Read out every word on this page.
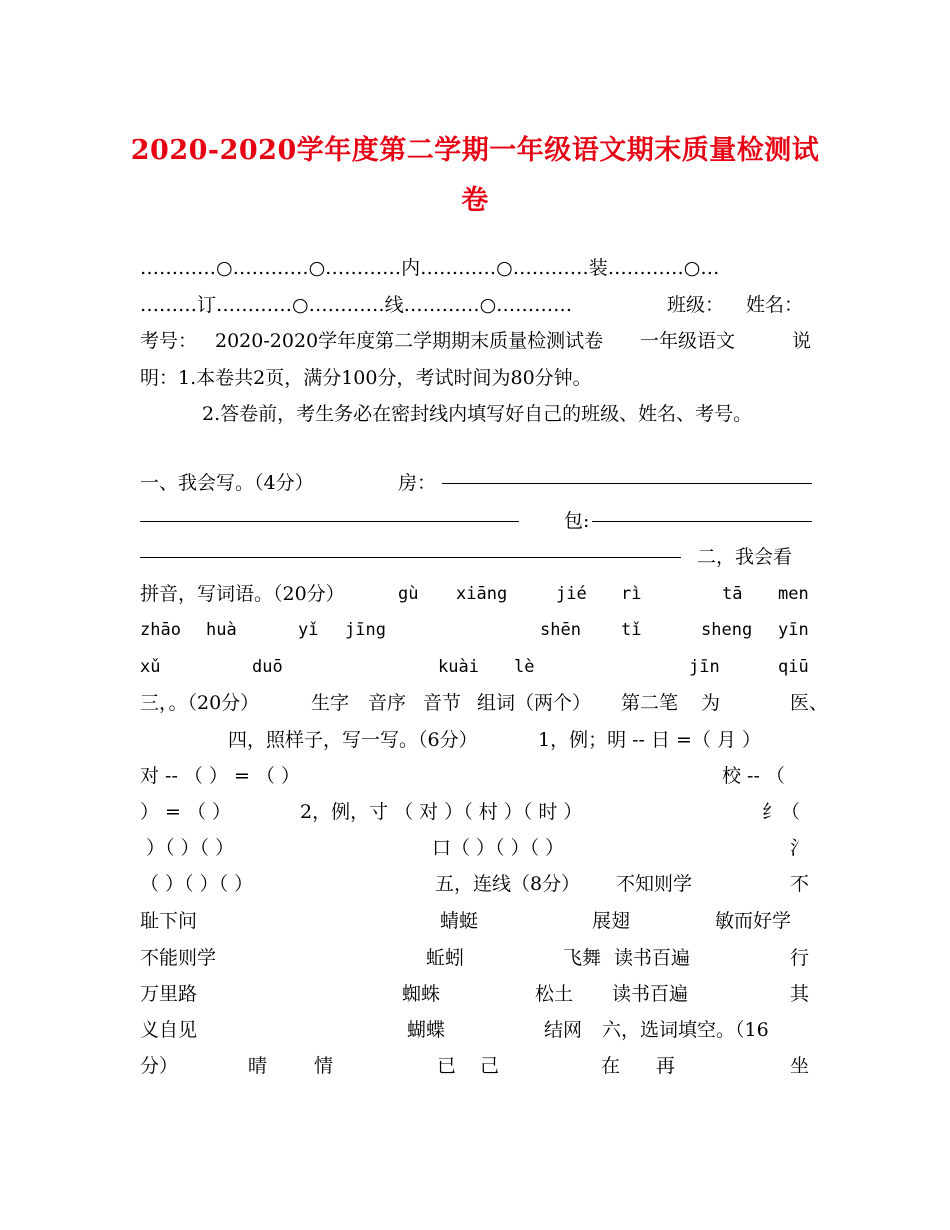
2020-2020学年度第二学期一年级语文期末质量检测试
卷
…………○…………○…………内…………○…………装…………○…
………订…………○…………线…………○…………	班级： 姓名：
考号： 2020-2020学年度第二学期期末质量检测试卷 一年级语文	说
明：1.本卷共2页，满分100分，考试时间为80分钟。
2.答卷前，考生务必在密封线内填写好自己的班级、姓名、考号。
一、我会写。（4分）	房：
包:
二，我会看
拼音，写词语。（20分）	gù xiāng	jié rì	tā men
zhāo huà	yǐ jīng	shēn tǐ	sheng yīn
xǔ	duō	kuài lè	jīn	qiū
三，。（20分）	生字 音序 音节 组词（两个） 第二笔 为	医、
四，照样子，写一写。（6分）	1，例；明 -- 日 =（ 月 ）
对 -- （ ） = （ ）	校 -- （
） = （ ）	2，例，寸 （ 对 ）（ 村 ）（ 时 ）	纟（
）（ ）（ ）	口（ ）（ ）（ ）	氵
（ ）（ ）（ ）	五，连线（8分） 不知则学	不
耻下问	蜻蜓	展翅	敏而好学
不能则学	蚯蚓	飞舞 读书百遍	行
万里路	蜘蛛	松土 读书百遍	其
义自见	蝴蝶	结网 六，选词填空。（16
分）	晴 情	已 己	在 再	坐
